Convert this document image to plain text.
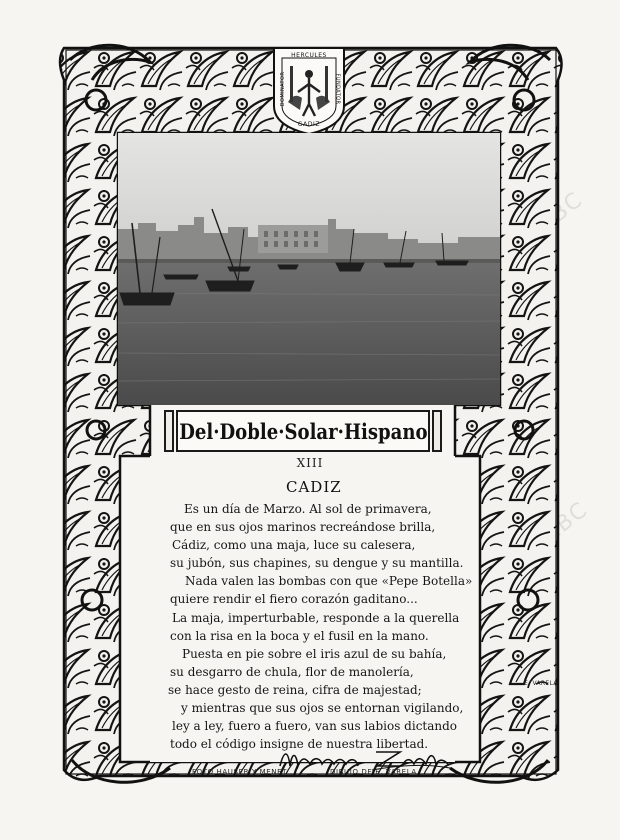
ABC
ABC
HERCULES
DOMINATOR	FUNDATOR
GADIZ
Del·Doble·Solar·Hispano
XIII
CADIZ
Es un día de Marzo. Al sol de primavera,
que en sus ojos marinos recreándose brilla,
Cádiz, como una maja, luce su calesera,
su jubón, sus chapines, su dengue y su mantilla.
Nada valen las bombas con que «Pepe Botella»
quiere rendir el fiero corazón gaditano...
La maja, imperturbable, responde a la querella
con la risa en la boca y el fusil en la mano.
Puesta en pie sobre el iris azul de su bahía,
su desgarro de chula, flor de manolería,
se hace gesto de reina, cifra de majestad;
y mientras que sus ojos se entornan vigilando,
ley a ley, fuero a fuero, van sus labios dictando
todo el código insigne de nuestra libertad.
FOTO HAUSER Y MENET	DIBUJO DE E. VARELA
E. VARELA
